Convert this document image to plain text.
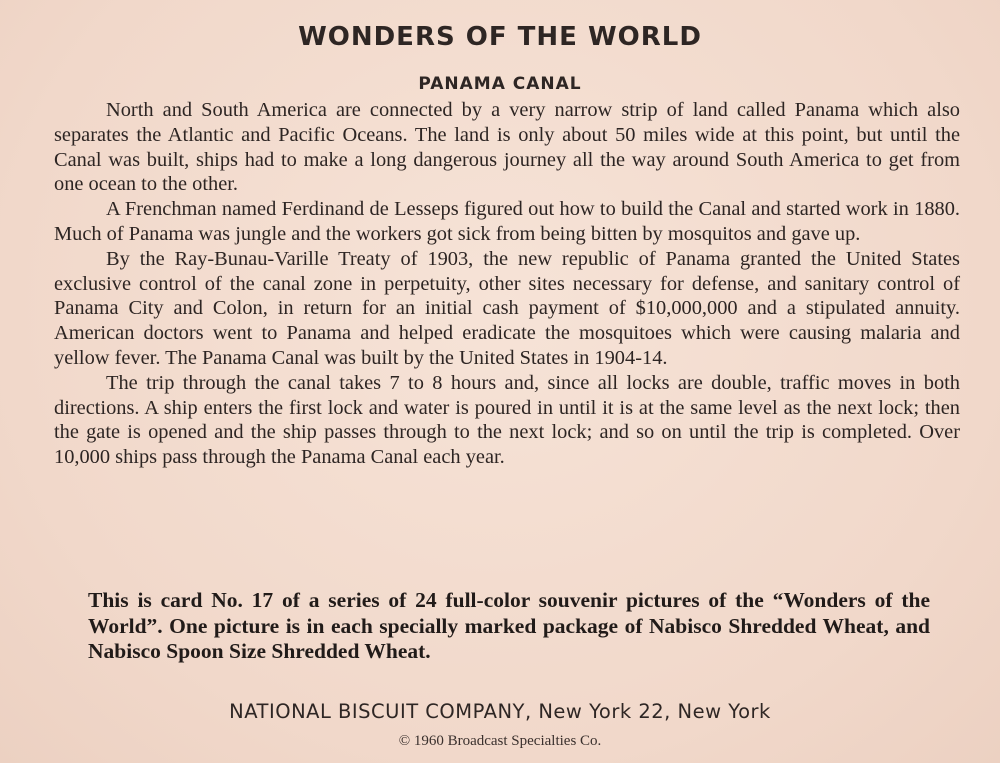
WONDERS OF THE WORLD
PANAMA CANAL

North and South America are connected by a very narrow strip of land called Panama which also separates the Atlantic and Pacific Oceans. The land is only about 50 miles wide at this point, but until the Canal was built, ships had to make a long dangerous journey all the way around South America to get from one ocean to the other.

A Frenchman named Ferdinand de Lesseps figured out how to build the Canal and started work in 1880. Much of Panama was jungle and the workers got sick from being bitten by mosquitos and gave up.

By the Ray-Bunau-Varille Treaty of 1903, the new republic of Panama granted the United States exclusive control of the canal zone in perpetuity, other sites necessary for defense, and sanitary control of Panama City and Colon, in return for an initial cash payment of $10,000,000 and a stipulated annuity. American doctors went to Panama and helped eradicate the mosquitoes which were causing malaria and yellow fever. The Panama Canal was built by the United States in 1904-14.

The trip through the canal takes 7 to 8 hours and, since all locks are double, traffic moves in both directions. A ship enters the first lock and water is poured in until it is at the same level as the next lock; then the gate is opened and the ship passes through to the next lock; and so on until the trip is completed. Over 10,000 ships pass through the Panama Canal each year.

This is card No. 17 of a series of 24 full-color souvenir pictures of the “Wonders of the World”. One picture is in each specially marked package of Nabisco Shredded Wheat, and Nabisco Spoon Size Shredded Wheat.

NATIONAL BISCUIT COMPANY, New York 22, New York

© 1960 Broadcast Specialties Co.
